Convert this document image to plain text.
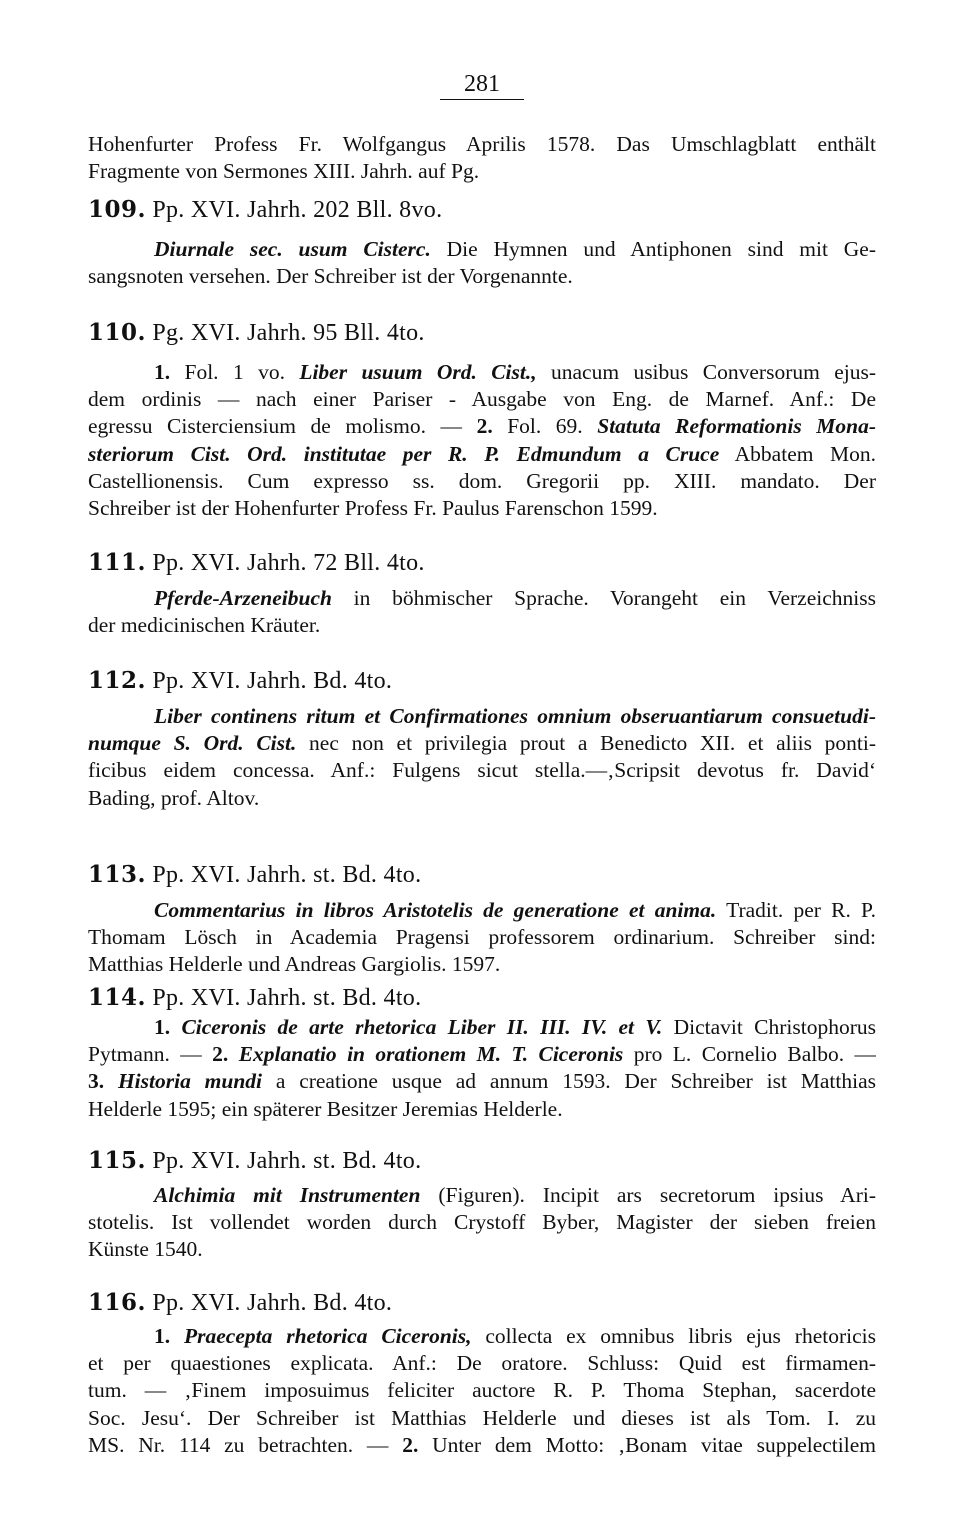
281
Hohenfurter Profess Fr. Wolfgangus Aprilis 1578. Das Umschlagblatt enthält
Fragmente von Sermones XIII. Jahrh. auf Pg.
109. Pp. XVI. Jahrh. 202 Bll. 8vo.
Diurnale sec. usum Cisterc. Die Hymnen und Antiphonen sind mit Ge-
sangsnoten versehen. Der Schreiber ist der Vorgenannte.
110. Pg. XVI. Jahrh. 95 Bll. 4to.
1. Fol. 1 vo. Liber usuum Ord. Cist., unacum usibus Conversorum ejus-
dem ordinis — nach einer Pariser - Ausgabe von Eng. de Marnef. Anf.: De
egressu Cisterciensium de molismo. — 2. Fol. 69. Statuta Reformationis Mona-
steriorum Cist. Ord. institutae per R. P. Edmundum a Cruce Abbatem Mon.
Castellionensis. Cum expresso ss. dom. Gregorii pp. XIII. mandato. Der
Schreiber ist der Hohenfurter Profess Fr. Paulus Farenschon 1599.
111. Pp. XVI. Jahrh. 72 Bll. 4to.
Pferde-Arzeneibuch in böhmischer Sprache. Vorangeht ein Verzeichniss
der medicinischen Kräuter.
112. Pp. XVI. Jahrh. Bd. 4to.
Liber continens ritum et Confirmationes omnium obseruantiarum consuetudi-
numque S. Ord. Cist. nec non et privilegia prout a Benedicto XII. et aliis ponti-
ficibus eidem concessa. Anf.: Fulgens sicut stella.—‚Scripsit devotus fr. David‘
Bading, prof. Altov.
113. Pp. XVI. Jahrh. st. Bd. 4to.
Commentarius in libros Aristotelis de generatione et anima. Tradit. per R. P.
Thomam Lösch in Academia Pragensi professorem ordinarium. Schreiber sind:
Matthias Helderle und Andreas Gargiolis. 1597.
114. Pp. XVI. Jahrh. st. Bd. 4to.
1. Ciceronis de arte rhetorica Liber II. III. IV. et V. Dictavit Christophorus
Pytmann. — 2. Explanatio in orationem M. T. Ciceronis pro L. Cornelio Balbo. —
3. Historia mundi a creatione usque ad annum 1593. Der Schreiber ist Matthias
Helderle 1595; ein späterer Besitzer Jeremias Helderle.
115. Pp. XVI. Jahrh. st. Bd. 4to.
Alchimia mit Instrumenten (Figuren). Incipit ars secretorum ipsius Ari-
stotelis. Ist vollendet worden durch Crystoff Byber, Magister der sieben freien
Künste 1540.
116. Pp. XVI. Jahrh. Bd. 4to.
1. Praecepta rhetorica Ciceronis, collecta ex omnibus libris ejus rhetoricis
et per quaestiones explicata. Anf.: De oratore. Schluss: Quid est firmamen-
tum. — ‚Finem imposuimus feliciter auctore R. P. Thoma Stephan, sacerdote
Soc. Jesu‘. Der Schreiber ist Matthias Helderle und dieses ist als Tom. I. zu
MS. Nr. 114 zu betrachten. — 2. Unter dem Motto: ‚Bonam vitae suppelectilem
